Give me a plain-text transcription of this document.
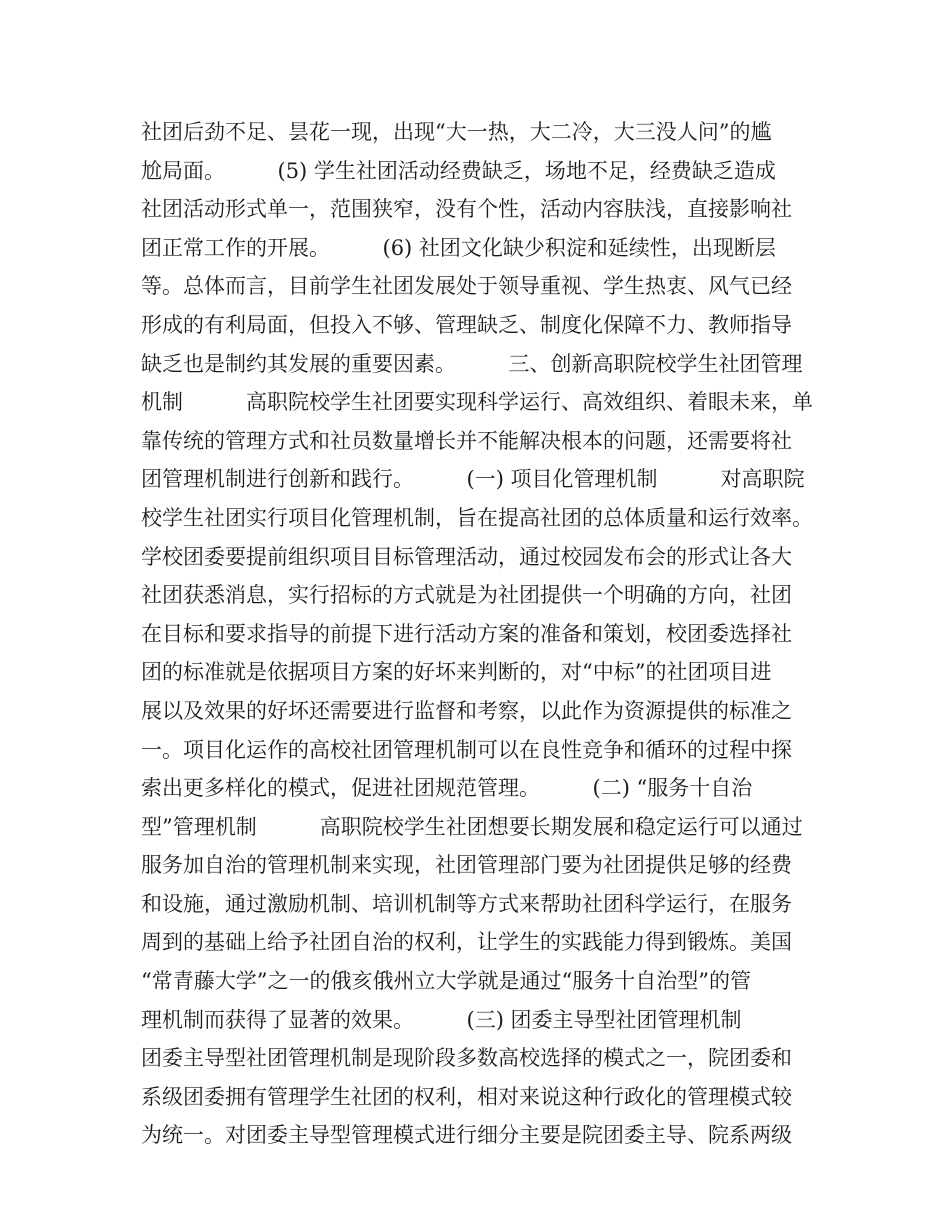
社团后劲不足、昙花一现，出现“大一热，大二冷，大三没人问”的尴
尬局面。　　　(5) 学生社团活动经费缺乏，场地不足，经费缺乏造成
社团活动形式单一，范围狭窄，没有个性，活动内容肤浅，直接影响社
团正常工作的开展。　　　(6) 社团文化缺少积淀和延续性，出现断层
等。总体而言，目前学生社团发展处于领导重视、学生热衷、风气已经
形成的有利局面，但投入不够、管理缺乏、制度化保障不力、教师指导
缺乏也是制约其发展的重要因素。　　　三、创新高职院校学生社团管理
机制　　　高职院校学生社团要实现科学运行、高效组织、着眼未来，单
靠传统的管理方式和社员数量增长并不能解决根本的问题，还需要将社
团管理机制进行创新和践行。　　　(一) 项目化管理机制　　　对高职院
校学生社团实行项目化管理机制，旨在提高社团的总体质量和运行效率。
学校团委要提前组织项目目标管理活动，通过校园发布会的形式让各大
社团获悉消息，实行招标的方式就是为社团提供一个明确的方向，社团
在目标和要求指导的前提下进行活动方案的准备和策划，校团委选择社
团的标准就是依据项目方案的好坏来判断的，对“中标”的社团项目进
展以及效果的好坏还需要进行监督和考察，以此作为资源提供的标准之
一。项目化运作的高校社团管理机制可以在良性竞争和循环的过程中探
索出更多样化的模式，促进社团规范管理。　　　(二) “服务十自治
型”管理机制　　　高职院校学生社团想要长期发展和稳定运行可以通过
服务加自治的管理机制来实现，社团管理部门要为社团提供足够的经费
和设施，通过激励机制、培训机制等方式来帮助社团科学运行，在服务
周到的基础上给予社团自治的权利，让学生的实践能力得到锻炼。美国
“常青藤大学”之一的俄亥俄州立大学就是通过“服务十自治型”的管
理机制而获得了显著的效果。　　　(三) 团委主导型社团管理机制
团委主导型社团管理机制是现阶段多数高校选择的模式之一，院团委和
系级团委拥有管理学生社团的权利，相对来说这种行政化的管理模式较
为统一。对团委主导型管理模式进行细分主要是院团委主导、院系两级
